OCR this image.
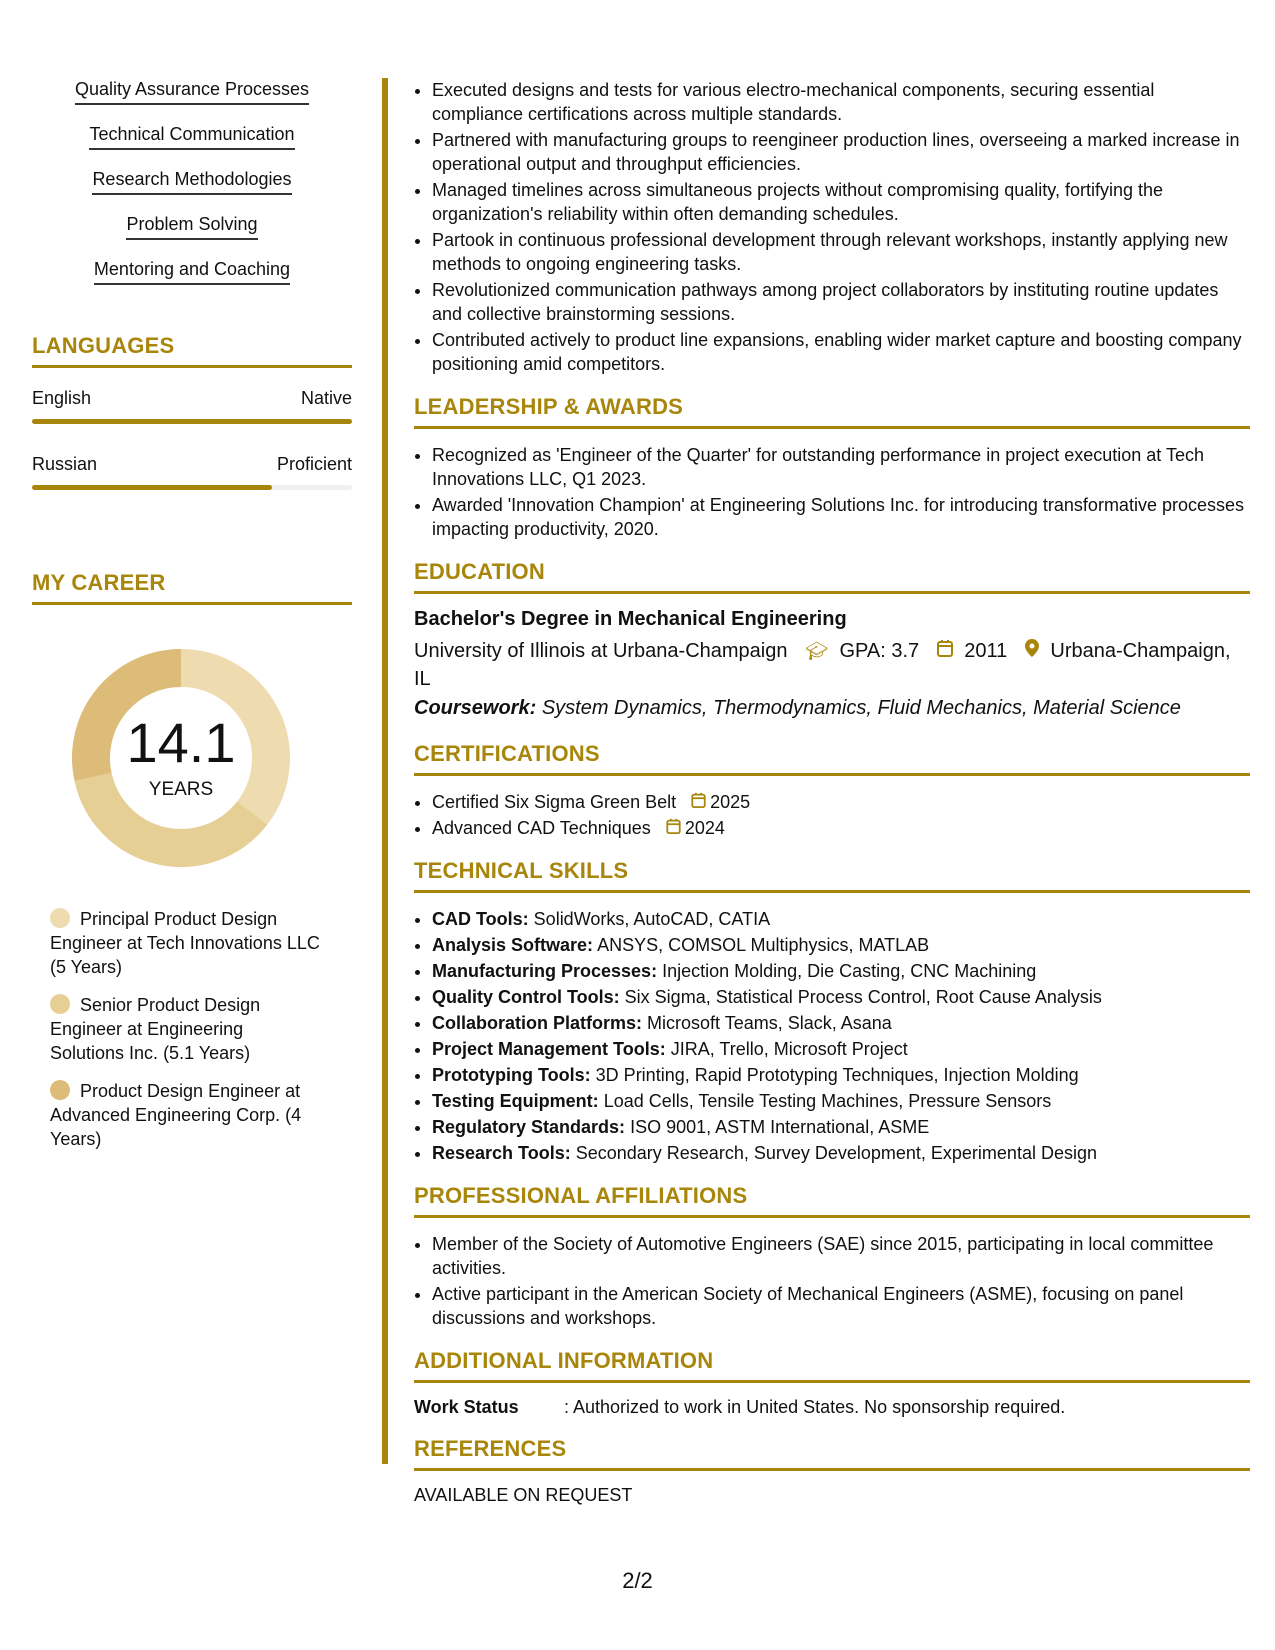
Quality Assurance Processes
Technical Communication
Research Methodologies
Problem Solving
Mentoring and Coaching
LANGUAGES
English	Native
Russian	Proficient
MY CAREER
14.1
YEARS
Principal Product Design Engineer at Tech Innovations LLC (5 Years)
Senior Product Design Engineer at Engineering Solutions Inc. (5.1 Years)
Product Design Engineer at Advanced Engineering Corp. (4 Years)
• Executed designs and tests for various electro-mechanical components, securing essential compliance certifications across multiple standards.
• Partnered with manufacturing groups to reengineer production lines, overseeing a marked increase in operational output and throughput efficiencies.
• Managed timelines across simultaneous projects without compromising quality, fortifying the organization's reliability within often demanding schedules.
• Partook in continuous professional development through relevant workshops, instantly applying new methods to ongoing engineering tasks.
• Revolutionized communication pathways among project collaborators by instituting routine updates and collective brainstorming sessions.
• Contributed actively to product line expansions, enabling wider market capture and boosting company positioning amid competitors.
LEADERSHIP & AWARDS
• Recognized as 'Engineer of the Quarter' for outstanding performance in project execution at Tech Innovations LLC, Q1 2023.
• Awarded 'Innovation Champion' at Engineering Solutions Inc. for introducing transformative processes impacting productivity, 2020.
EDUCATION
Bachelor's Degree in Mechanical Engineering
University of Illinois at Urbana-Champaign 🎓︎ GPA: 3.7 2011 Urbana-Champaign, IL
Coursework: System Dynamics, Thermodynamics, Fluid Mechanics, Material Science
CERTIFICATIONS
• Certified Six Sigma Green Belt 2025
• Advanced CAD Techniques 2024
TECHNICAL SKILLS
• CAD Tools: SolidWorks, AutoCAD, CATIA
• Analysis Software: ANSYS, COMSOL Multiphysics, MATLAB
• Manufacturing Processes: Injection Molding, Die Casting, CNC Machining
• Quality Control Tools: Six Sigma, Statistical Process Control, Root Cause Analysis
• Collaboration Platforms: Microsoft Teams, Slack, Asana
• Project Management Tools: JIRA, Trello, Microsoft Project
• Prototyping Tools: 3D Printing, Rapid Prototyping Techniques, Injection Molding
• Testing Equipment: Load Cells, Tensile Testing Machines, Pressure Sensors
• Regulatory Standards: ISO 9001, ASTM International, ASME
• Research Tools: Secondary Research, Survey Development, Experimental Design
PROFESSIONAL AFFILIATIONS
• Member of the Society of Automotive Engineers (SAE) since 2015, participating in local committee activities.
• Active participant in the American Society of Mechanical Engineers (ASME), focusing on panel discussions and workshops.
ADDITIONAL INFORMATION
Work Status	: Authorized to work in United States. No sponsorship required.
REFERENCES
AVAILABLE ON REQUEST
2/2
